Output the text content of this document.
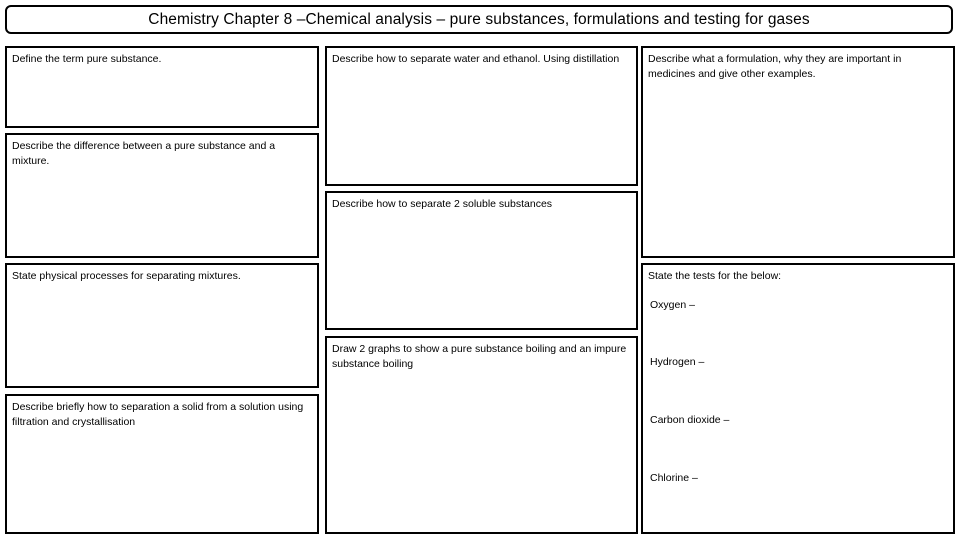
Chemistry Chapter 8 –Chemical analysis – pure substances, formulations and testing for gases

Define the term pure substance.

Describe the difference between a pure substance and a mixture.

State physical processes for separating mixtures.

Describe briefly how to separation a solid from a solution using filtration and crystallisation

Describe how to separate water and ethanol. Using distillation

Describe how to separate 2 soluble substances

Draw 2 graphs to show a pure substance boiling and an impure substance boiling

Describe what a formulation, why they are important in medicines and give other examples.

State the tests for the below:

Oxygen –
Hydrogen –
Carbon dioxide –
Chlorine –
